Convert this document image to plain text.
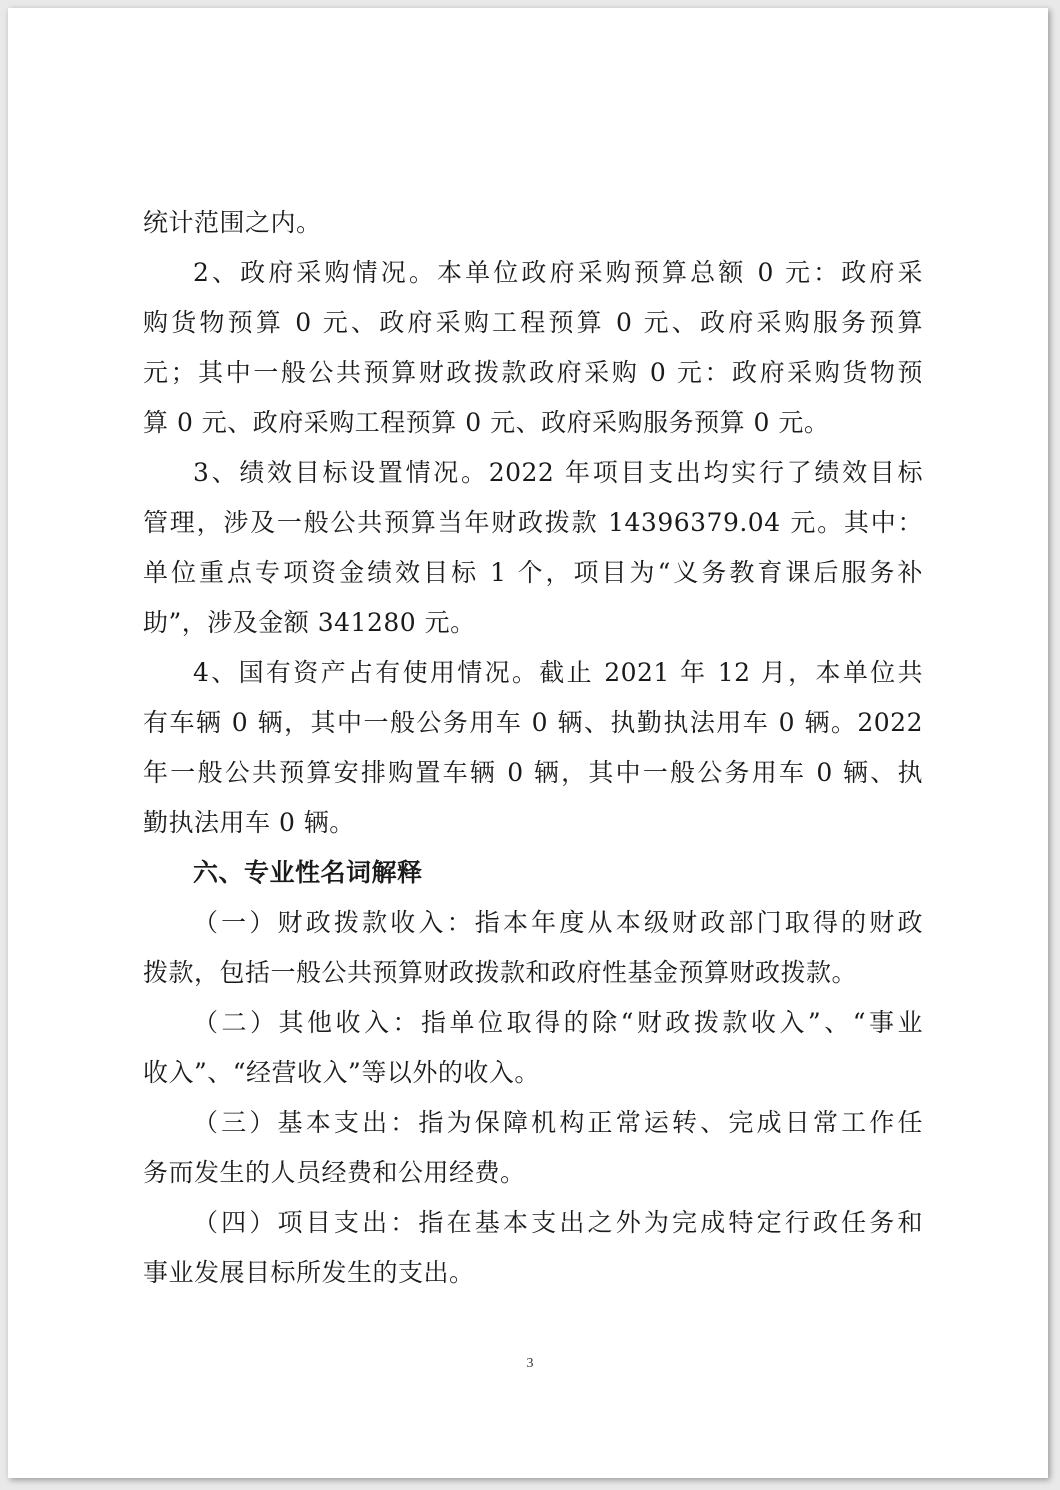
统计范围之内。
2、政府采购情况。本单位政府采购预算总额 0 元：政府采
购货物预算 0 元、政府采购工程预算 0 元、政府采购服务预算
元；其中一般公共预算财政拨款政府采购 0 元：政府采购货物预
算 0 元、政府采购工程预算 0 元、政府采购服务预算 0 元。
3、绩效目标设置情况。2022 年项目支出均实行了绩效目标
管理，涉及一般公共预算当年财政拨款 14396379.04 元。其中：
单位重点专项资金绩效目标 1 个，项目为“义务教育课后服务补
助”，涉及金额 341280 元。
4、国有资产占有使用情况。截止 2021 年 12 月，本单位共
有车辆 0 辆，其中一般公务用车 0 辆、执勤执法用车 0 辆。2022
年一般公共预算安排购置车辆 0 辆，其中一般公务用车 0 辆、执
勤执法用车 0 辆。
六、专业性名词解释
（一）财政拨款收入：指本年度从本级财政部门取得的财政
拨款，包括一般公共预算财政拨款和政府性基金预算财政拨款。
（二）其他收入：指单位取得的除“财政拨款收入”、“事业
收入”、“经营收入”等以外的收入。
（三）基本支出：指为保障机构正常运转、完成日常工作任
务而发生的人员经费和公用经费。
（四）项目支出：指在基本支出之外为完成特定行政任务和
事业发展目标所发生的支出。
3
